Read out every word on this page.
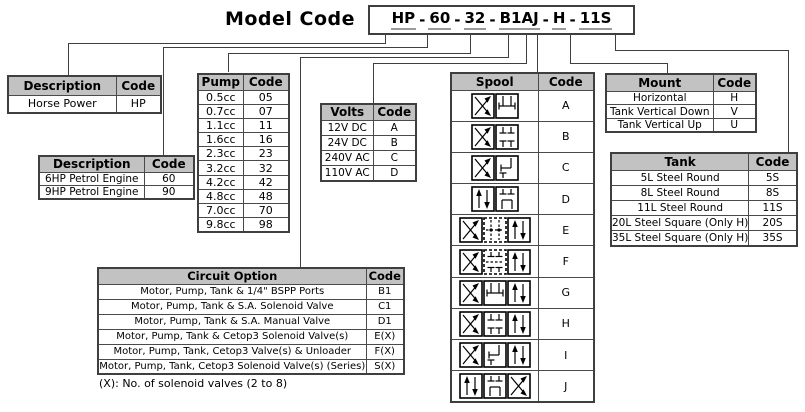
Model Code	HP - 60 - 32 - B1AJ - H - 11S
Description	Code
Horse Power	HP
Description	Code
6HP Petrol Engine	60
9HP Petrol Engine	90
Pump	Code
0.5cc	05
0.7cc	07
1.1cc	11
1.6cc	16
2.3cc	23
3.2cc	32
4.2cc	42
4.8cc	48
7.0cc	70
9.8cc	98
Volts	Code
12V DC	A
24V DC	B
240V AC	C
110V AC	D
Circuit Option	Code
Motor, Pump, Tank & 1/4" BSPP Ports	B1
Motor, Pump, Tank & S.A. Solenoid Valve	C1
Motor, Pump, Tank & S.A. Manual Valve	D1
Motor, Pump, Tank & Cetop3 Solenoid Valve(s)	E(X)
Motor, Pump, Tank, Cetop3 Valve(s) & Unloader	F(X)
Motor, Pump, Tank, Cetop3 Solenoid Valve(s) (Series)	S(X)
(X): No. of solenoid valves (2 to 8)
Spool	Code
	A
	B
	C
	D
	E
	F
	G
	H
	I
	J
Mount	Code
Horizontal	H
Tank Vertical Down	V
Tank Vertical Up	U
Tank	Code
5L Steel Round	5S
8L Steel Round	8S
11L Steel Round	11S
20L Steel Square (Only H)	20S
35L Steel Square (Only H)	35S
